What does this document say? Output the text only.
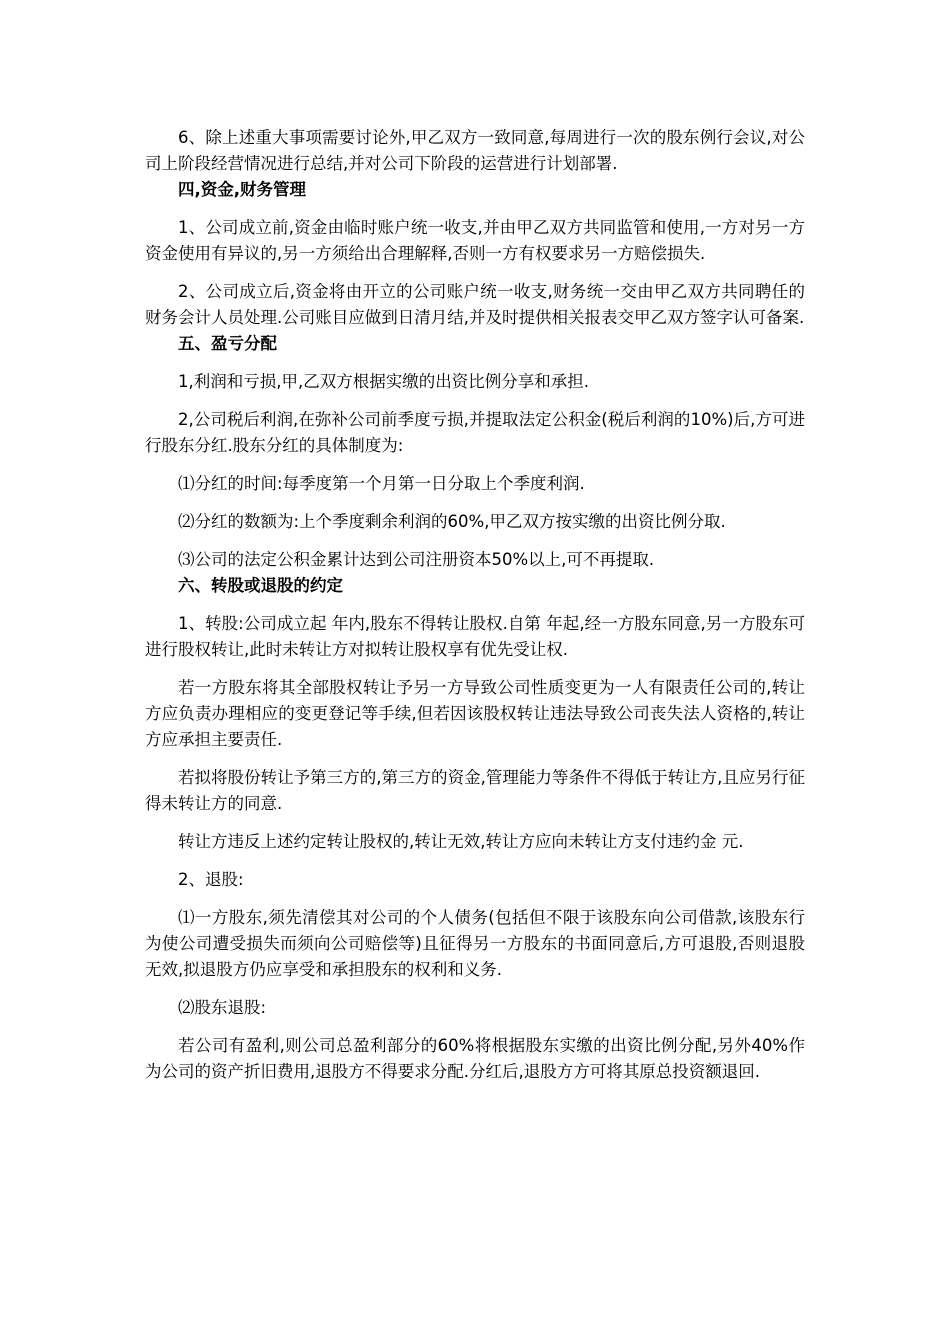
6、除上述重大事项需要讨论外,甲乙双方一致同意,每周进行一次的股东例行会议,对公司上阶段经营情况进行总结,并对公司下阶段的运营进行计划部署.

四,资金,财务管理

1、公司成立前,资金由临时账户统一收支,并由甲乙双方共同监管和使用,一方对另一方资金使用有异议的,另一方须给出合理解释,否则一方有权要求另一方赔偿损失.

2、公司成立后,资金将由开立的公司账户统一收支,财务统一交由甲乙双方共同聘任的财务会计人员处理.公司账目应做到日清月结,并及时提供相关报表交甲乙双方签字认可备案.

五、盈亏分配

1,利润和亏损,甲,乙双方根据实缴的出资比例分享和承担.

2,公司税后利润,在弥补公司前季度亏损,并提取法定公积金(税后利润的10%)后,方可进行股东分红.股东分红的具体制度为:

⑴分红的时间:每季度第一个月第一日分取上个季度利润.

⑵分红的数额为:上个季度剩余利润的60%,甲乙双方按实缴的出资比例分取.

⑶公司的法定公积金累计达到公司注册资本50%以上,可不再提取.

六、转股或退股的约定

1、转股:公司成立起 年内,股东不得转让股权.自第 年起,经一方股东同意,另一方股东可进行股权转让,此时未转让方对拟转让股权享有优先受让权.

若一方股东将其全部股权转让予另一方导致公司性质变更为一人有限责任公司的,转让方应负责办理相应的变更登记等手续,但若因该股权转让违法导致公司丧失法人资格的,转让方应承担主要责任.

若拟将股份转让予第三方的,第三方的资金,管理能力等条件不得低于转让方,且应另行征得未转让方的同意.

转让方违反上述约定转让股权的,转让无效,转让方应向未转让方支付违约金 元.

2、退股:

⑴一方股东,须先清偿其对公司的个人债务(包括但不限于该股东向公司借款,该股东行为使公司遭受损失而须向公司赔偿等)且征得另一方股东的书面同意后,方可退股,否则退股无效,拟退股方仍应享受和承担股东的权利和义务.

⑵股东退股:

若公司有盈利,则公司总盈利部分的60%将根据股东实缴的出资比例分配,另外40%作为公司的资产折旧费用,退股方不得要求分配.分红后,退股方方可将其原总投资额退回.
